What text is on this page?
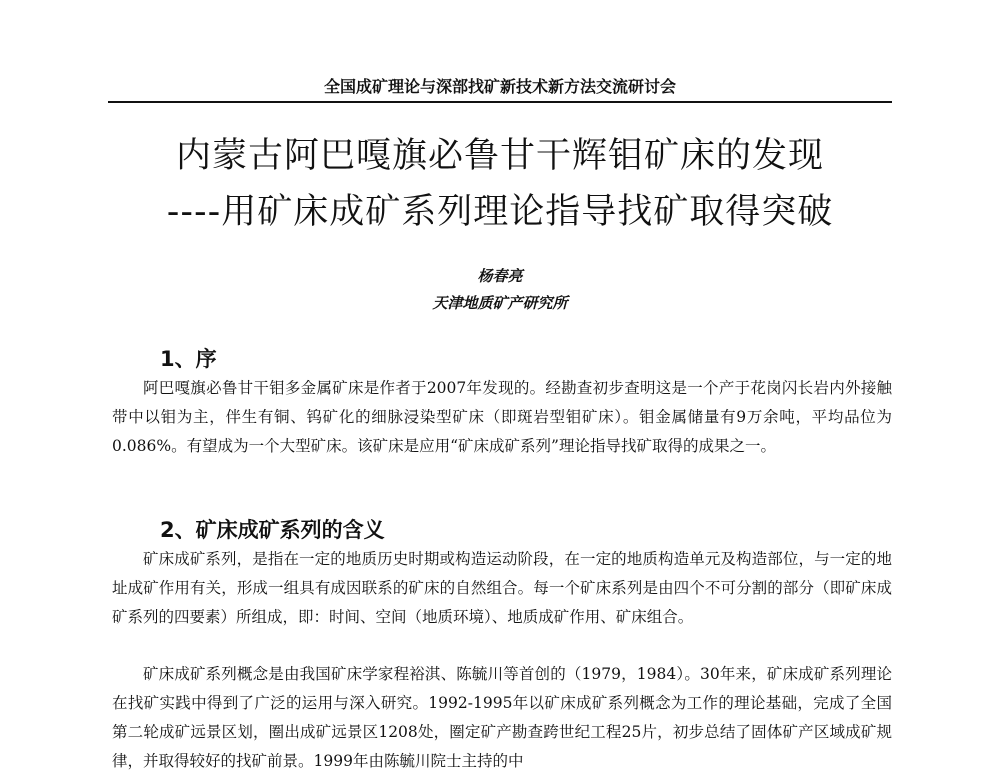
全国成矿理论与深部找矿新技术新方法交流研讨会
内蒙古阿巴嘎旗必鲁甘干辉钼矿床的发现
----用矿床成矿系列理论指导找矿取得突破
杨春亮
天津地质矿产研究所
1、序

阿巴嘎旗必鲁甘干钼多金属矿床是作者于2007年发现的。经勘查初步查明这是一个产于花岗闪长岩内外接触带中以钼为主，伴生有铜、钨矿化的细脉浸染型矿床（即斑岩型钼矿床）。钼金属储量有9万余吨，平均品位为0.086%。有望成为一个大型矿床。该矿床是应用“矿床成矿系列”理论指导找矿取得的成果之一。

2、矿床成矿系列的含义

矿床成矿系列，是指在一定的地质历史时期或构造运动阶段，在一定的地质构造单元及构造部位，与一定的地址成矿作用有关，形成一组具有成因联系的矿床的自然组合。每一个矿床系列是由四个不可分割的部分（即矿床成矿系列的四要素）所组成，即：时间、空间（地质环境）、地质成矿作用、矿床组合。

矿床成矿系列概念是由我国矿床学家程裕淇、陈毓川等首创的（1979，1984）。30年来，矿床成矿系列理论在找矿实践中得到了广泛的运用与深入研究。1992-1995年以矿床成矿系列概念为工作的理论基础，完成了全国第二轮成矿远景区划，圈出成矿远景区1208处，圈定矿产勘查跨世纪工程25片，初步总结了固体矿产区域成矿规律，并取得较好的找矿前景。1999年由陈毓川院士主持的中
